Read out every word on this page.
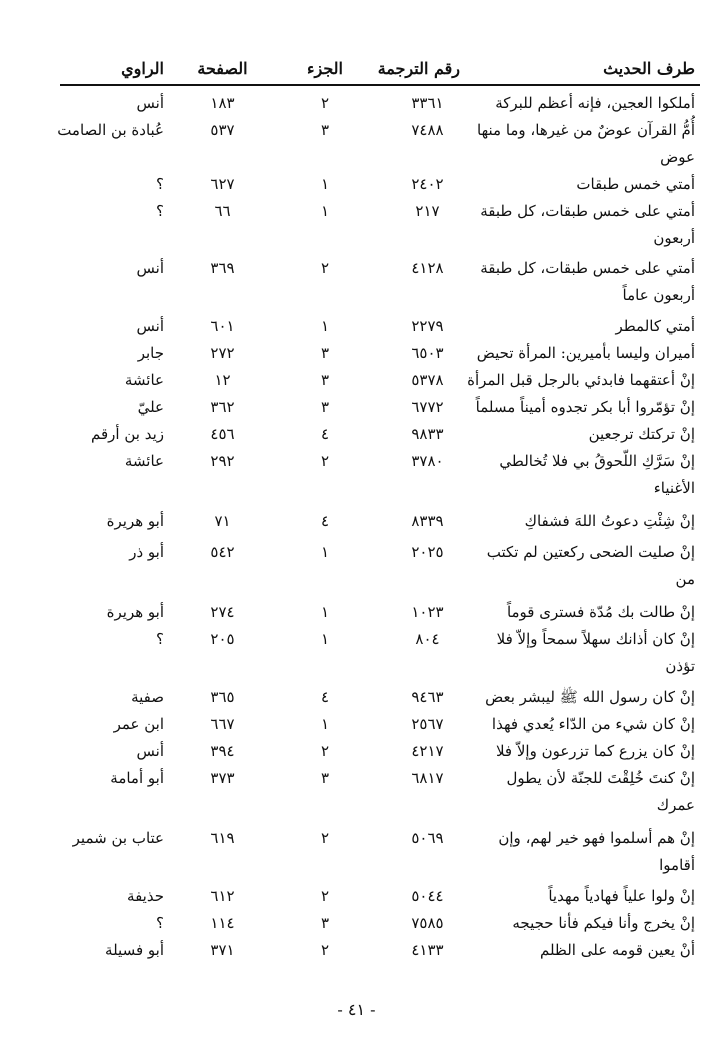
طرف الحديث
رقم الترجمة
الجزء
الصفحة
الراوي
أملكوا العجين، فإنه أعظم للبركة
٣٣٦١
٢
١٨٣
أنس
أُمُّ القرآن عوضٌ من غيرها، وما منها
٧٤٨٨
٣
٥٣٧
عُبادة بن الصامت
عوض
أمتي خمس طبقات
٢٤٠٢
١
٦٢٧
؟
أمتي على خمس طبقات، كل طبقة
٢١٧
١
٦٦
؟
أربعون
أمتي على خمس طبقات، كل طبقة
٤١٢٨
٢
٣٦٩
أنس
أربعون عاماً
أمتي كالمطر
٢٢٧٩
١
٦٠١
أنس
أميران وليسا بأميرين: المرأة تحيض
٦٥٠٣
٣
٢٧٢
جابر
إنْ أعتقهما فابدئي بالرجل قبل المرأة
٥٣٧٨
٣
١٢
عائشة
إنْ تؤمّروا أبا بكر تجدوه أميناً مسلماً
٦٧٧٢
٣
٣٦٢
عليّ
إنْ تركتك ترجعين
٩٨٣٣
٤
٤٥٦
زيد بن أرقم
إنْ سَرَّكِ اللّحوقُ بي فلا تُخالطي
٣٧٨٠
٢
٢٩٢
عائشة
الأغنياء
إنْ شِئْتِ دعوتُ اللهَ فشفاكِ
٨٣٣٩
٤
٧١
أبو هريرة
إنْ صليت الضحى ركعتين لم تكتب
٢٠٢٥
١
٥٤٢
أبو ذر
من
إنْ طالت بك مُدّة فسترى قوماً
١٠٢٣
١
٢٧٤
أبو هريرة
إنْ كان أذانك سهلاً سمحاً وإلاّ فلا
٨٠٤
١
٢٠٥
؟
تؤذن
إنْ كان رسول الله ﷺ ليبشر بعض
٩٤٦٣
٤
٣٦٥
صفية
إنْ كان شيء من الدّاء يُعدي فهذا
٢٥٦٧
١
٦٦٧
ابن عمر
إنْ كان يزرع كما تزرعون وإلاّ فلا
٤٢١٧
٢
٣٩٤
أنس
إنْ كنتَ خُلِقْتَ للجنّة لأن يطول
٦٨١٧
٣
٣٧٣
أبو أمامة
عمرك
إنْ هم أسلموا فهو خير لهم، وإن
٥٠٦٩
٢
٦١٩
عتاب بن شمير
أقاموا
إنْ ولوا علياً فهادياً مهدياً
٥٠٤٤
٢
٦١٢
حذيفة
إنْ يخرج وأنا فيكم فأنا حجيجه
٧٥٨٥
٣
١١٤
؟
أنْ يعين قومه على الظلم
٤١٣٣
٢
٣٧١
أبو فسيلة
- ٤١ -
